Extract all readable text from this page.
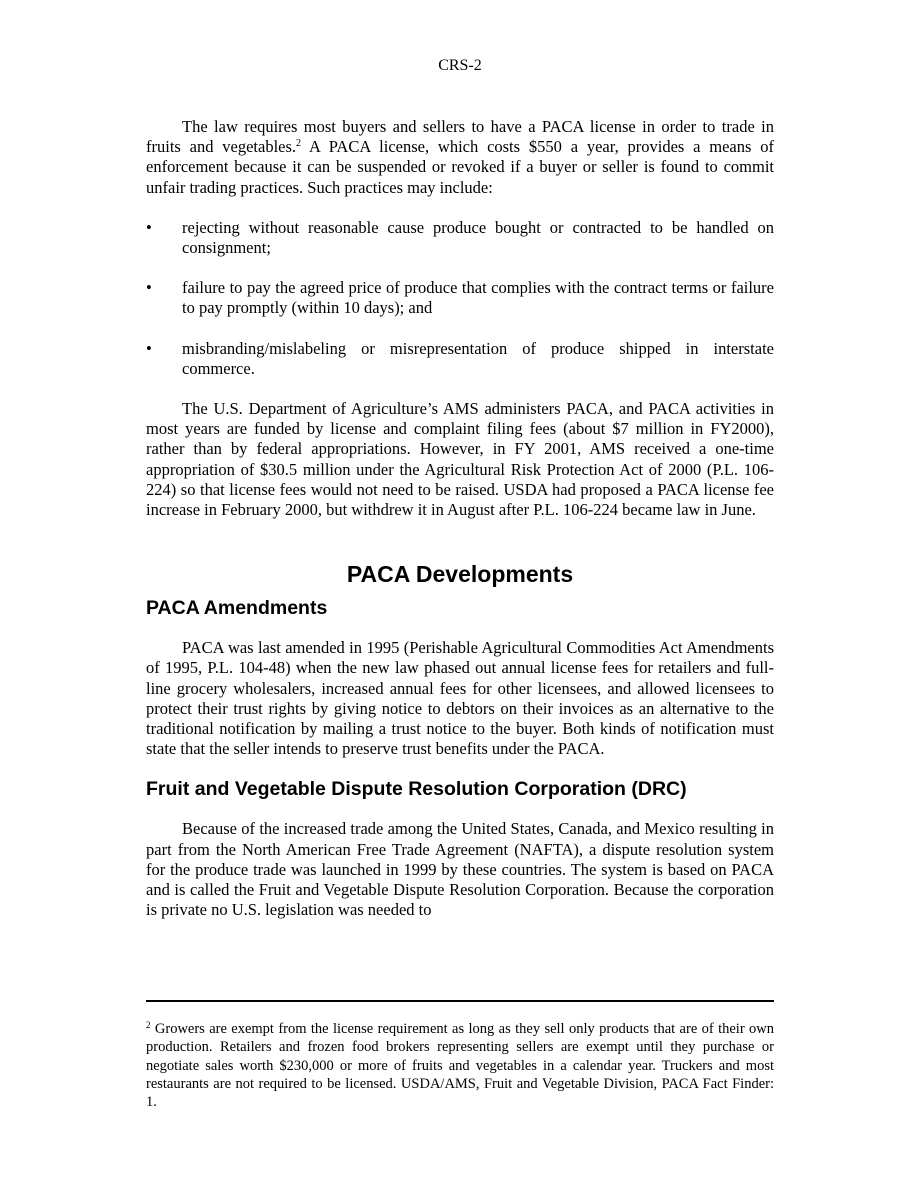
CRS-2

The law requires most buyers and sellers to have a PACA license in order to trade in fruits and vegetables.$^2$ A PACA license, which costs $550 a year, provides a means of enforcement because it can be suspended or revoked if a buyer or seller is found to commit unfair trading practices. Such practices may include:

• rejecting without reasonable cause produce bought or contracted to be handled on consignment;
• failure to pay the agreed price of produce that complies with the contract terms or failure to pay promptly (within 10 days); and
• misbranding/mislabeling or misrepresentation of produce shipped in interstate commerce.

The U.S. Department of Agriculture’s AMS administers PACA, and PACA activities in most years are funded by license and complaint filing fees (about $7 million in FY2000), rather than by federal appropriations. However, in FY 2001, AMS received a one-time appropriation of $30.5 million under the Agricultural Risk Protection Act of 2000 (P.L. 106-224) so that license fees would not need to be raised. USDA had proposed a PACA license fee increase in February 2000, but withdrew it in August after P.L. 106-224 became law in June.

PACA Developments
PACA Amendments

PACA was last amended in 1995 (Perishable Agricultural Commodities Act Amendments of 1995, P.L. 104-48) when the new law phased out annual license fees for retailers and full-line grocery wholesalers, increased annual fees for other licensees, and allowed licensees to protect their trust rights by giving notice to debtors on their invoices as an alternative to the traditional notification by mailing a trust notice to the buyer. Both kinds of notification must state that the seller intends to preserve trust benefits under the PACA.

Fruit and Vegetable Dispute Resolution Corporation (DRC)

Because of the increased trade among the United States, Canada, and Mexico resulting in part from the North American Free Trade Agreement (NAFTA), a dispute resolution system for the produce trade was launched in 1999 by these countries. The system is based on PACA and is called the Fruit and Vegetable Dispute Resolution Corporation. Because the corporation is private no U.S. legislation was needed to

$^2$ Growers are exempt from the license requirement as long as they sell only products that are of their own production. Retailers and frozen food brokers representing sellers are exempt until they purchase or negotiate sales worth $230,000 or more of fruits and vegetables in a calendar year. Truckers and most restaurants are not required to be licensed. USDA/AMS, Fruit and Vegetable Division, PACA Fact Finder: 1.
